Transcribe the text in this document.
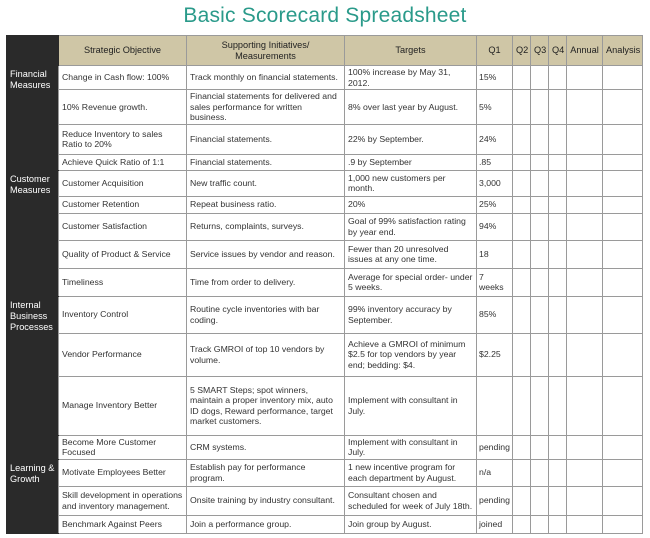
Basic Scorecard Spreadsheet
	Strategic Objective	Supporting Initiatives/ Measurements	Targets	Q1	Q2	Q3	Q4	Annual	Analysis
Financial Measures	Change in Cash flow: 100%	Track monthly on financial statements.	100% increase by May 31, 2012.	15%					
	10% Revenue growth.	Financial statements for delivered and sales performance for written business.	8% over last year by August.	5%					
	Reduce Inventory to sales Ratio to 20%	Financial statements.	22% by September.	24%					
	Achieve Quick Ratio of 1:1	Financial statements.	.9 by September	.85					
Customer Measures	Customer Acquisition	New traffic count.	1,000 new customers per month.	3,000					
	Customer Retention	Repeat business ratio.	20%	25%					
	Customer Satisfaction	Returns, complaints, surveys.	Goal of 99% satisfaction rating by year end.	94%					
	Quality of Product & Service	Service issues by vendor and reason.	Fewer than 20 unresolved issues at any one time.	18					
	Timeliness	Time from order to delivery.	Average for special order- under 5 weeks.	7 weeks					
Internal Business Processes	Inventory Control	Routine cycle inventories with bar coding.	99% inventory accuracy by September.	85%					
	Vendor Performance	Track GMROI of top 10 vendors by volume.	Achieve a GMROI of minimum $2.5 for top vendors by year end; bedding: $4.	$2.25					
	Manage Inventory Better	5 SMART Steps; spot winners, maintain a proper inventory mix, auto ID dogs, Reward performance, target market customers.	Implement with consultant in July.						
	Become More Customer Focused	CRM systems.	Implement with consultant in July.	pending					
Learning & Growth	Motivate Employees Better	Establish pay for performance program.	1 new incentive program for each department by August.	n/a					
	Skill development in operations and inventory management.	Onsite training by industry consultant.	Consultant chosen and scheduled for week of July 18th.	pending					
	Benchmark Against Peers	Join a performance group.	Join group by August.	joined					
